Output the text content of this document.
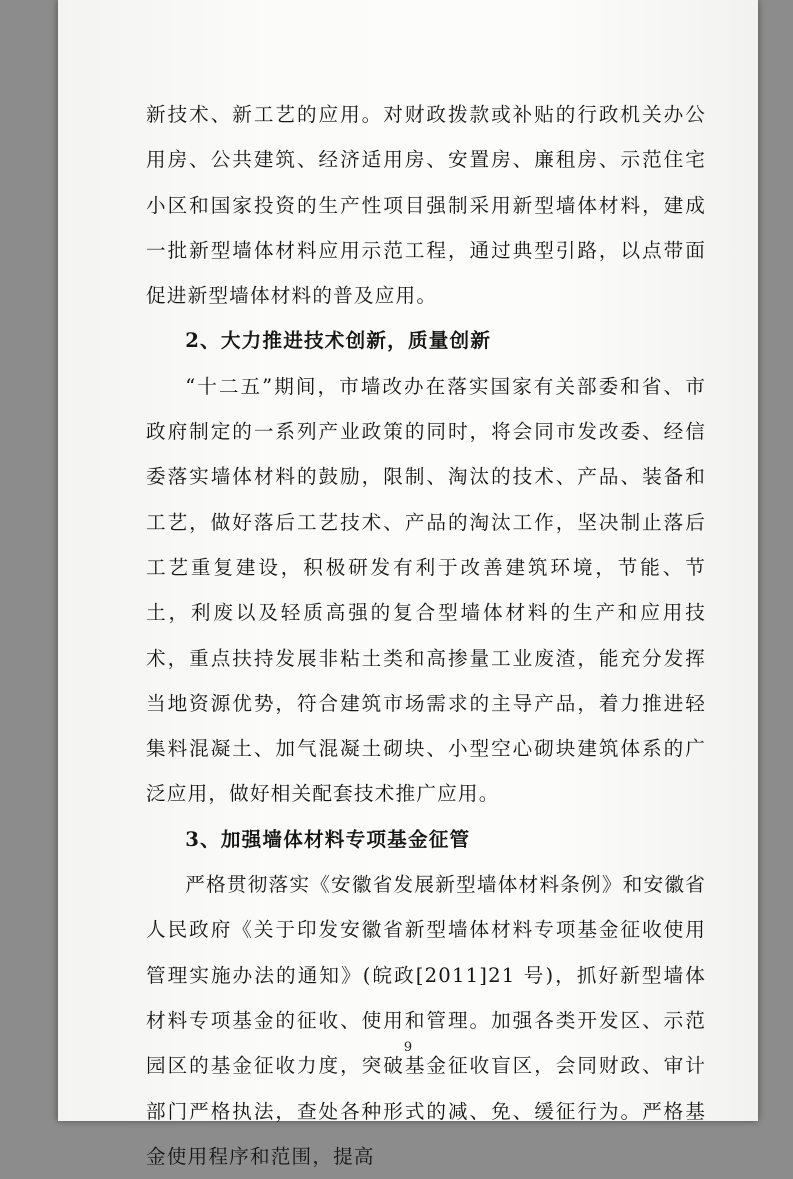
新技术、新工艺的应用。对财政拨款或补贴的行政机关办公用房、公共建筑、经济适用房、安置房、廉租房、示范住宅小区和国家投资的生产性项目强制采用新型墙体材料，建成一批新型墙体材料应用示范工程，通过典型引路，以点带面促进新型墙体材料的普及应用。

2、大力推进技术创新，质量创新

“十二五”期间，市墙改办在落实国家有关部委和省、市政府制定的一系列产业政策的同时，将会同市发改委、经信委落实墙体材料的鼓励，限制、淘汰的技术、产品、装备和工艺，做好落后工艺技术、产品的淘汰工作，坚决制止落后工艺重复建设，积极研发有利于改善建筑环境，节能、节土，利废以及轻质高强的复合型墙体材料的生产和应用技术，重点扶持发展非粘土类和高掺量工业废渣，能充分发挥当地资源优势，符合建筑市场需求的主导产品，着力推进轻集料混凝土、加气混凝土砌块、小型空心砌块建筑体系的广泛应用，做好相关配套技术推广应用。

3、加强墙体材料专项基金征管

严格贯彻落实《安徽省发展新型墙体材料条例》和安徽省人民政府《关于印发安徽省新型墙体材料专项基金征收使用管理实施办法的通知》(皖政[2011]21 号)，抓好新型墙体材料专项基金的征收、使用和管理。加强各类开发区、示范园区的基金征收力度，突破基金征收盲区，会同财政、审计部门严格执法，查处各种形式的减、免、缓征行为。严格基金使用程序和范围，提高

9
